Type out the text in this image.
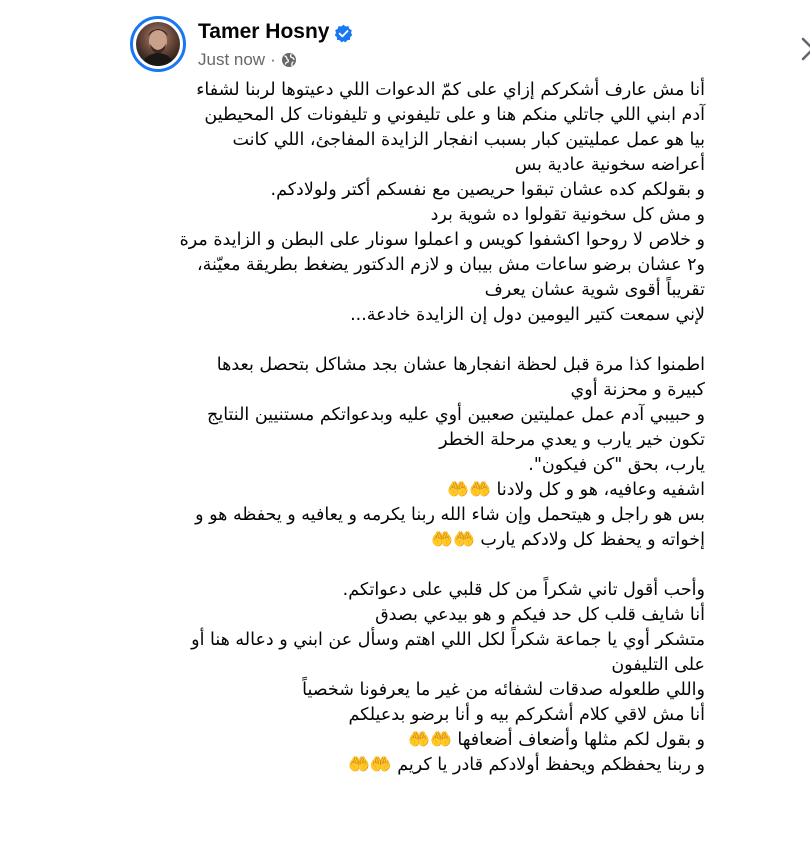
Tamer Hosny
Just now ·

أنا مش عارف أشكركم إزاي على كمّ الدعوات اللي دعيتوها لربنا لشفاء

آدم ابني اللي جاتلي منكم هنا و على تليفوني و تليفونات كل المحيطين

بيا هو عمل عمليتين كبار بسبب انفجار الزايدة المفاجئ، اللي كانت

أعراضه سخونية عادية بس

و بقولكم كده عشان تبقوا حريصين مع نفسكم أكتر ولولادكم.

و مش كل سخونية تقولوا ده شوية برد

و خلاص لا روحوا اكشفوا كويس و اعملوا سونار على البطن و الزايدة مرة

و٢ عشان برضو ساعات مش بيبان و لازم الدكتور يضغط بطريقة معيّنة،

تقريباً أقوى شوية عشان يعرف

لإني سمعت كتير اليومين دول إن الزايدة خادعة...

اطمنوا كذا مرة قبل لحظة انفجارها عشان بجد مشاكل بتحصل بعدها

كبيرة و محزنة أوي

و حبيبي آدم عمل عمليتين صعبين أوي عليه وبدعواتكم مستنيين النتايج

تكون خير يارب و يعدي مرحلة الخطر

يارب، بحق "كن فيكون".

اشفيه وعافيه، هو و كل ولادنا 🤲🤲

بس هو راجل و هيتحمل وإن شاء الله ربنا يكرمه و يعافيه و يحفظه هو و

إخواته و يحفظ كل ولادكم يارب 🤲🤲

وأحب أقول تاني شكراً من كل قلبي على دعواتكم.

أنا شايف قلب كل حد فيكم و هو بيدعي بصدق

متشكر أوي يا جماعة شكراً لكل اللي اهتم وسأل عن ابني و دعاله هنا أو

على التليفون

واللي طلعوله صدقات لشفائه من غير ما يعرفونا شخصياً

أنا مش لاقي كلام أشكركم بيه و أنا برضو بدعيلكم

و بقول لكم مثلها وأضعاف أضعافها 🤲🤲

و ربنا يحفظكم ويحفظ أولادكم قادر يا كريم 🤲🤲
